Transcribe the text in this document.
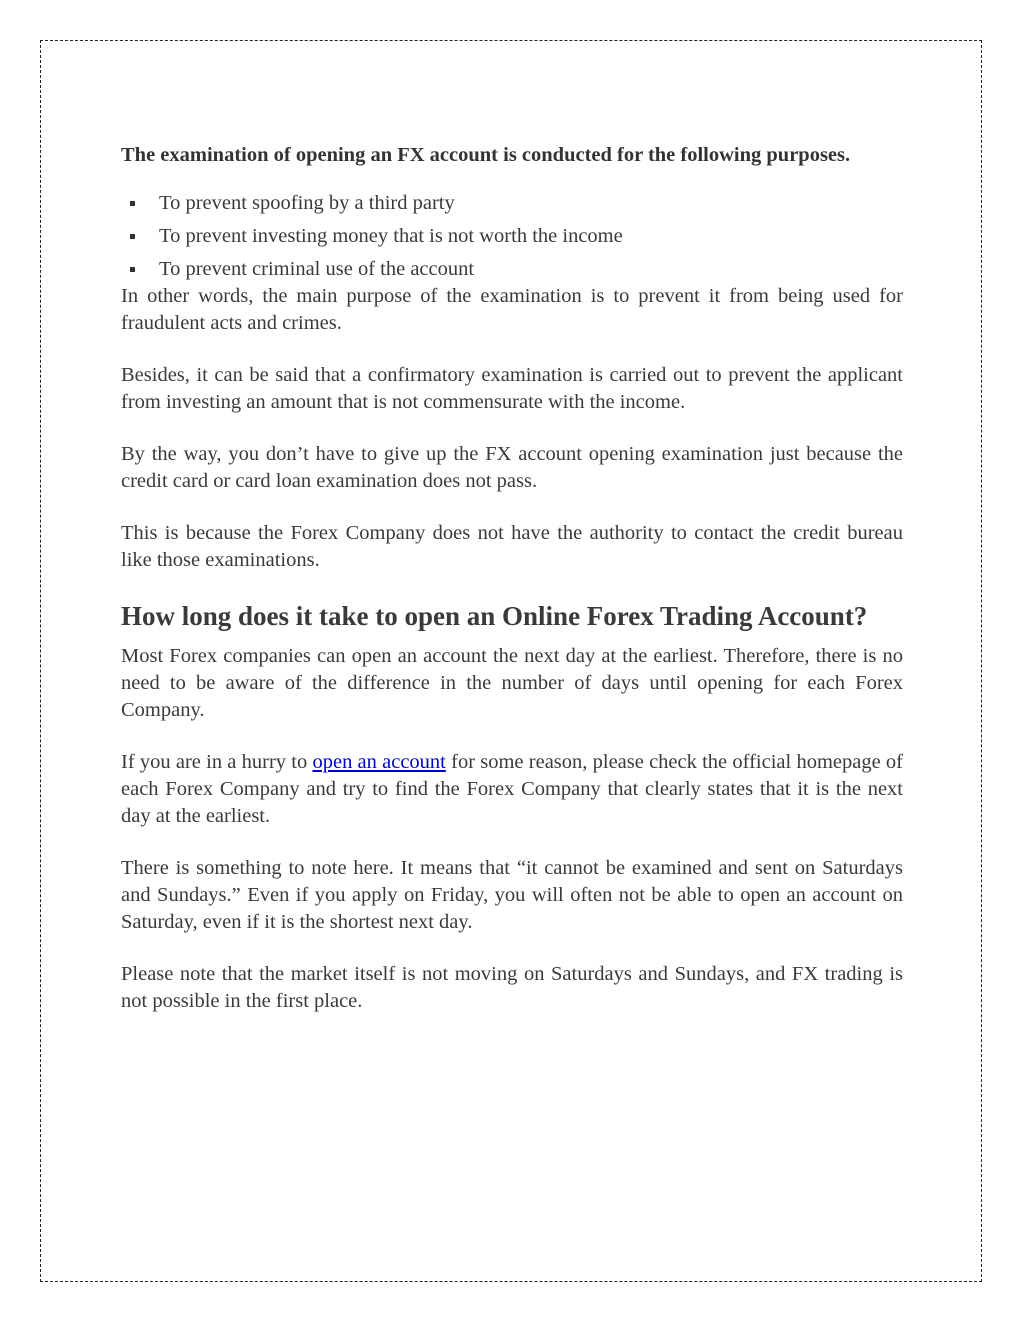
The examination of opening an FX account is conducted for the following purposes.

To prevent spoofing by a third party
To prevent investing money that is not worth the income
To prevent criminal use of the account

In other words, the main purpose of the examination is to prevent it from being used for fraudulent acts and crimes.

Besides, it can be said that a confirmatory examination is carried out to prevent the applicant from investing an amount that is not commensurate with the income.

By the way, you don’t have to give up the FX account opening examination just because the credit card or card loan examination does not pass.

This is because the Forex Company does not have the authority to contact the credit bureau like those examinations.

How long does it take to open an Online Forex Trading Account?

Most Forex companies can open an account the next day at the earliest. Therefore, there is no need to be aware of the difference in the number of days until opening for each Forex Company.

If you are in a hurry to open an account for some reason, please check the official homepage of each Forex Company and try to find the Forex Company that clearly states that it is the next day at the earliest.

There is something to note here. It means that “it cannot be examined and sent on Saturdays and Sundays.” Even if you apply on Friday, you will often not be able to open an account on Saturday, even if it is the shortest next day.

Please note that the market itself is not moving on Saturdays and Sundays, and FX trading is not possible in the first place.
